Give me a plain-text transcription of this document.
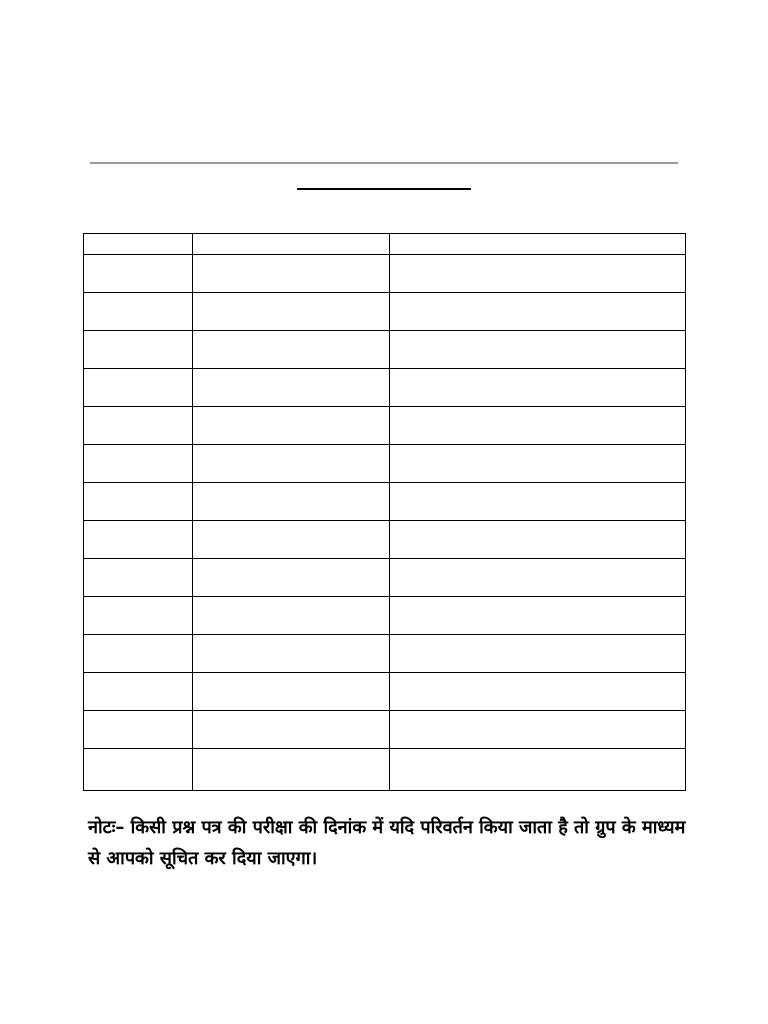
नोटः– किसी प्रश्न पत्र की परीक्षा की दिनांक में यदि परिवर्तन किया जाता है तो ग्रुप के माध्यम से आपको सूचित कर दिया जाएगा।
